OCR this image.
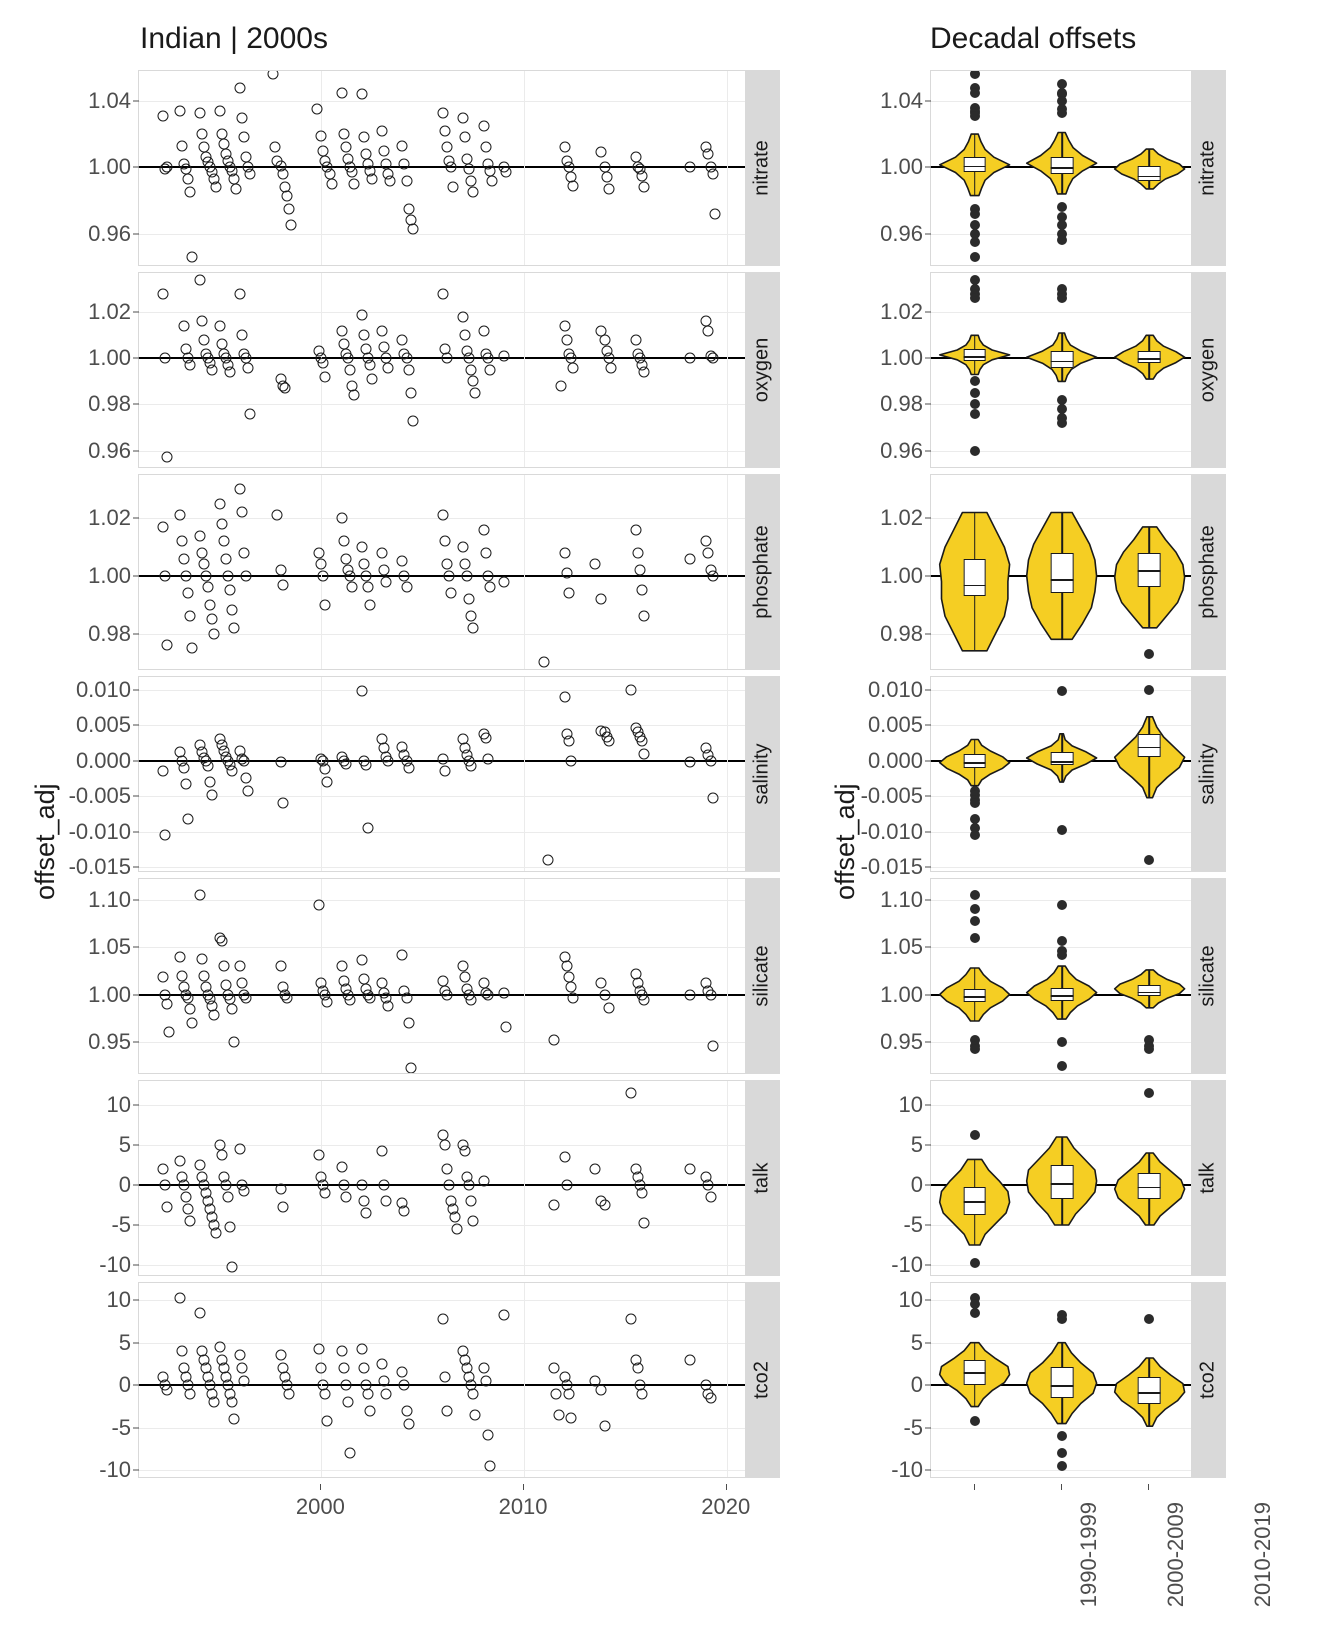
Indian | 2000s	Decadal offsets
offset_adj	offset_adj
0.96
1.00
1.04
nitrate
0.96
0.98
1.00
1.02
oxygen
0.98
1.00
1.02
phosphate
-0.015
-0.010
-0.005
0.000
0.005
0.010
salinity
0.95
1.00
1.05
1.10
silicate
-10
-5
0
5
10
talk
-10
-5
0
5
10
tco2
2000	2010	2020
0.96
1.00
1.04
nitrate
0.96
0.98
1.00
1.02
oxygen
0.98
1.00
1.02
phosphate
-0.015
-0.010
-0.005
0.000
0.005
0.010
salinity
0.95
1.00
1.05
1.10
silicate
-10
-5
0
5
10
talk
-10
-5
0
5
10
tco2
1990-1999	2000-2009	2010-2019
